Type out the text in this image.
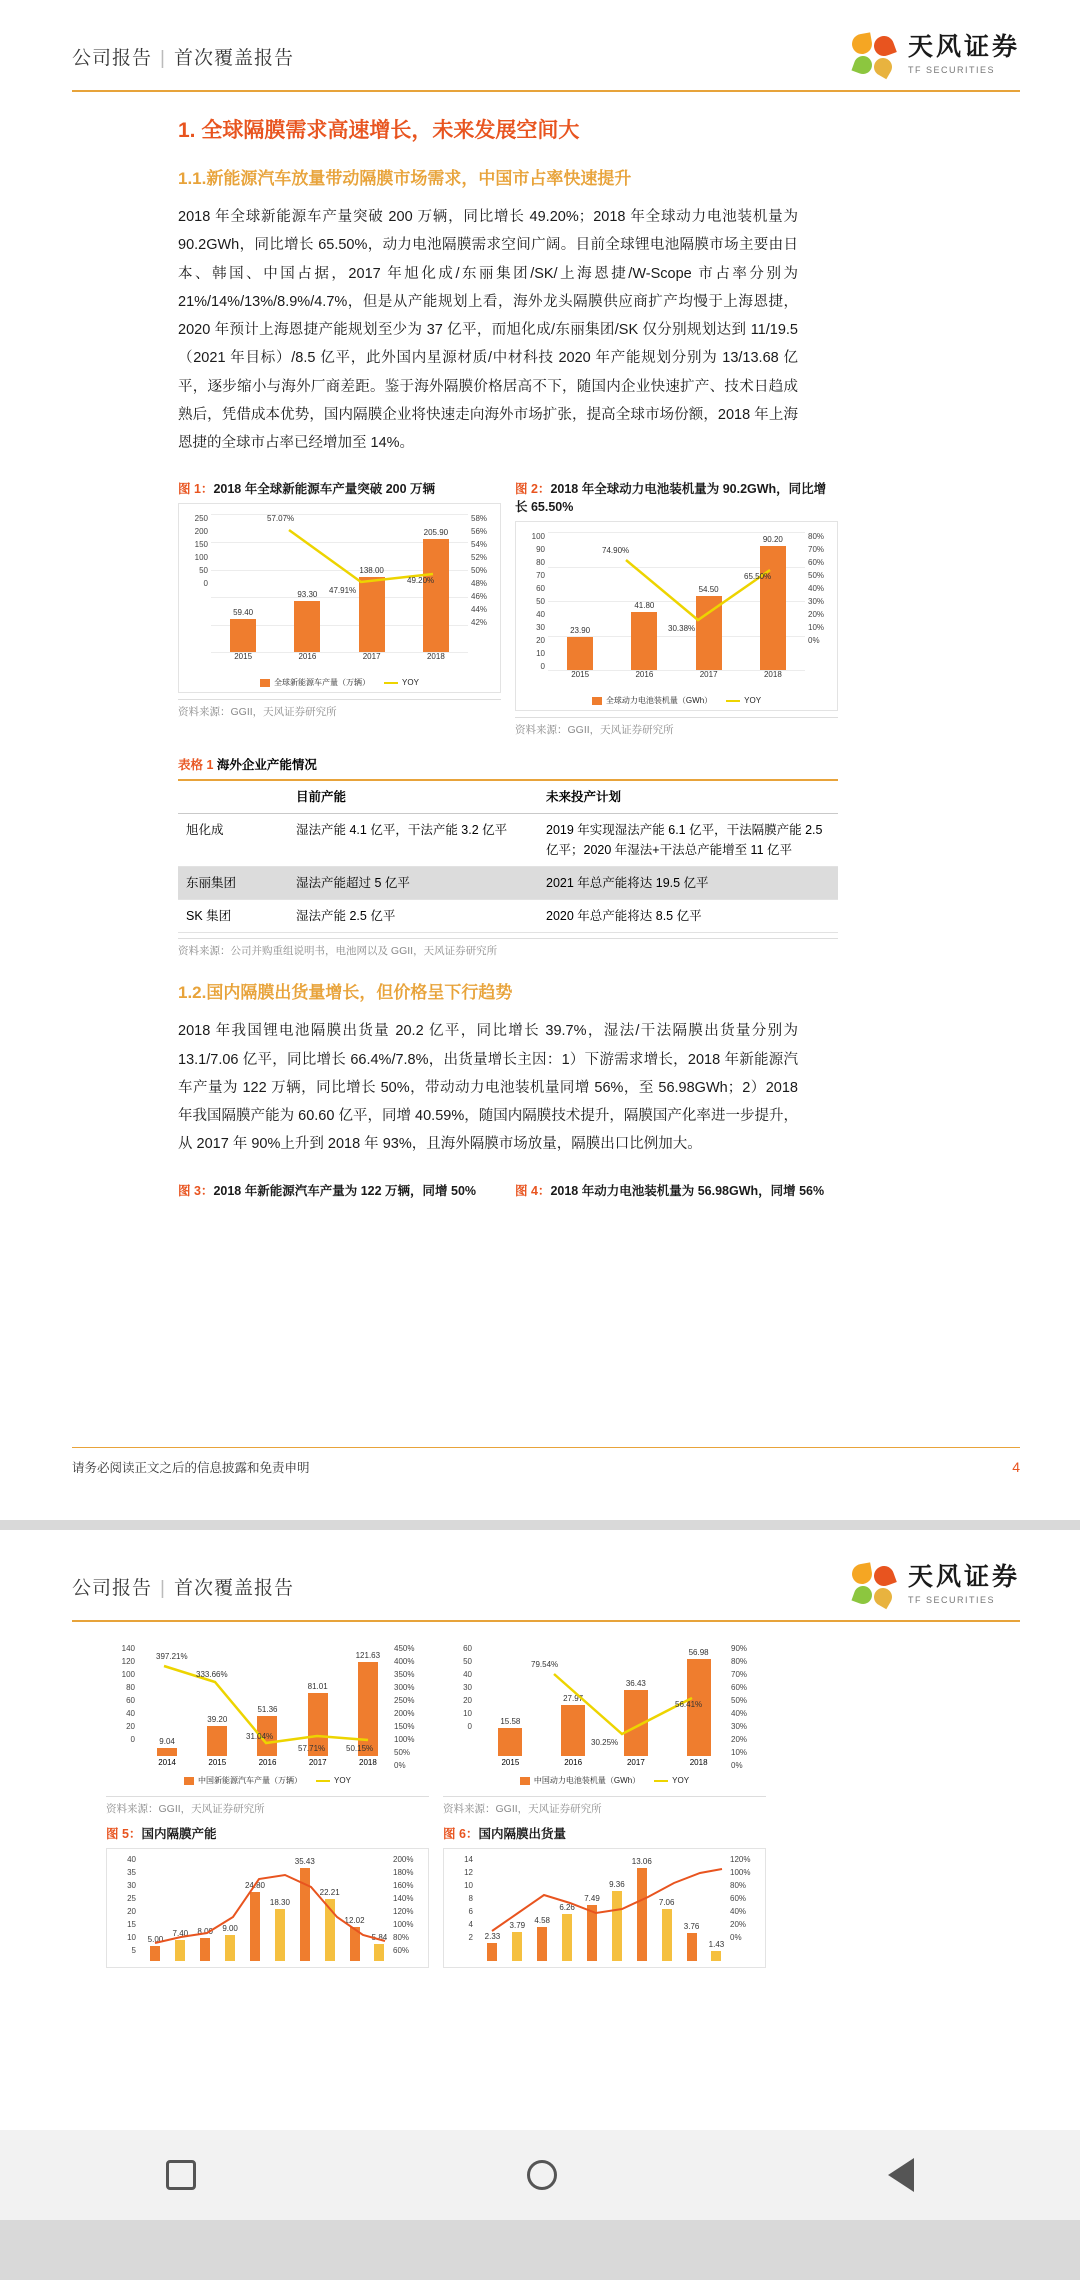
公司报告 | 首次覆盖报告	天风证券
TF SECURITIES
1. 全球隔膜需求高速增长，未来发展空间大
1.1.新能源汽车放量带动隔膜市场需求，中国市占率快速提升
2018 年全球新能源车产量突破 200 万辆，同比增长 49.20%；2018 年全球动力电池装机量为 90.2GWh，同比增长 65.50%，动力电池隔膜需求空间广阔。目前全球锂电池隔膜市场主要由日本、韩国、中国占据，2017 年旭化成/东丽集团/SK/上海恩捷/W-Scope 市占率分别为 21%/14%/13%/8.9%/4.7%，但是从产能规划上看，海外龙头隔膜供应商扩产均慢于上海恩捷，2020 年预计上海恩捷产能规划至少为 37 亿平，而旭化成/东丽集团/SK 仅分别规划达到 11/19.5（2021 年目标）/8.5 亿平，此外国内星源材质/中材科技 2020 年产能规划分别为 13/13.68 亿平，逐步缩小与海外厂商差距。鉴于海外隔膜价格居高不下，随国内企业快速扩产、技术日趋成熟后，凭借成本优势，国内隔膜企业将快速走向海外市场扩张，提高全球市场份额，2018 年上海恩捷的全球市占率已经增加至 14%。
图 1：2018 年全球新能源车产量突破 200 万辆
250
200
150
100
50
0
58%
56%
54%
52%
50%
48%
46%
44%
42%
59.40
93.30
138.00
205.90
57.07%
47.91%
49.20%
2015	2016	2017	2018
全球新能源车产量（万辆）	YOY
资料来源：GGII，天风证券研究所
图 2：2018 年全球动力电池装机量为 90.2GWh，同比增长 65.50%
100
90
80
70
60
50
40
30
20
10
0
80%
70%
60%
50%
40%
30%
20%
10%
0%
23.90
41.80
54.50
90.20
74.90%
30.38%
65.50%
2015	2016	2017	2018
全球动力电池装机量（GWh）	YOY
资料来源：GGII，天风证券研究所
表格 1 海外企业产能情况
	目前产能	未来投产计划
旭化成	湿法产能 4.1 亿平，干法产能 3.2 亿平	2019 年实现湿法产能 6.1 亿平，干法隔膜产能 2.5 亿平；2020 年湿法+干法总产能增至 11 亿平
东丽集团	湿法产能超过 5 亿平	2021 年总产能将达 19.5 亿平
SK 集团	湿法产能 2.5 亿平	2020 年总产能将达 8.5 亿平
资料来源：公司并购重组说明书，电池网以及 GGII，天风证券研究所
1.2.国内隔膜出货量增长，但价格呈下行趋势
2018 年我国锂电池隔膜出货量 20.2 亿平，同比增长 39.7%，湿法/干法隔膜出货量分别为 13.1/7.06 亿平，同比增长 66.4%/7.8%，出货量增长主因：1）下游需求增长，2018 年新能源汽车产量为 122 万辆，同比增长 50%，带动动力电池装机量同增 56%，至 56.98GWh；2）2018 年我国隔膜产能为 60.60 亿平，同增 40.59%，随国内隔膜技术提升，隔膜国产化率进一步提升，从 2017 年 90%上升到 2018 年 93%，且海外隔膜市场放量，隔膜出口比例加大。
图 3：2018 年新能源汽车产量为 122 万辆，同增 50%	图 4：2018 年动力电池装机量为 56.98GWh，同增 56%
请务必阅读正文之后的信息披露和免责申明	4
公司报告 | 首次覆盖报告	天风证券
TF SECURITIES
140
120
100
80
60
40
20
0
450%
400%
350%
300%
250%
200%
150%
100%
50%
0%
9.04
39.20
51.36
81.01
121.63
397.21%
333.66%
31.04%
57.71%	50.15%
2014	2015	2016	2017	2018
中国新能源汽车产量（万辆）	YOY
资料来源：GGII，天风证券研究所
图 5：国内隔膜产能
40
35
30
25
20
15
10
5
200%
180%
160%
140%
120%
100%
80%
60%
5.00
7.40 8.00 9.00
24.80
18.30
35.43
22.21
12.02
5.84
60
50
40
30
20
10
0
90%
80%
70%
60%
50%
40%
30%
20%
10%
0%
15.58
27.97
36.43
56.98
79.54%
30.25%
56.41%
2015	2016	2017	2018
中国动力电池装机量（GWh）	YOY
资料来源：GGII，天风证券研究所
图 6：国内隔膜出货量
14
12
10
8
6
4
2
120%
100%
80%
60%
40%
20%
0%
2.33
3.79
4.58
6.26
7.49
9.36
13.06
7.06
3.76
1.43
